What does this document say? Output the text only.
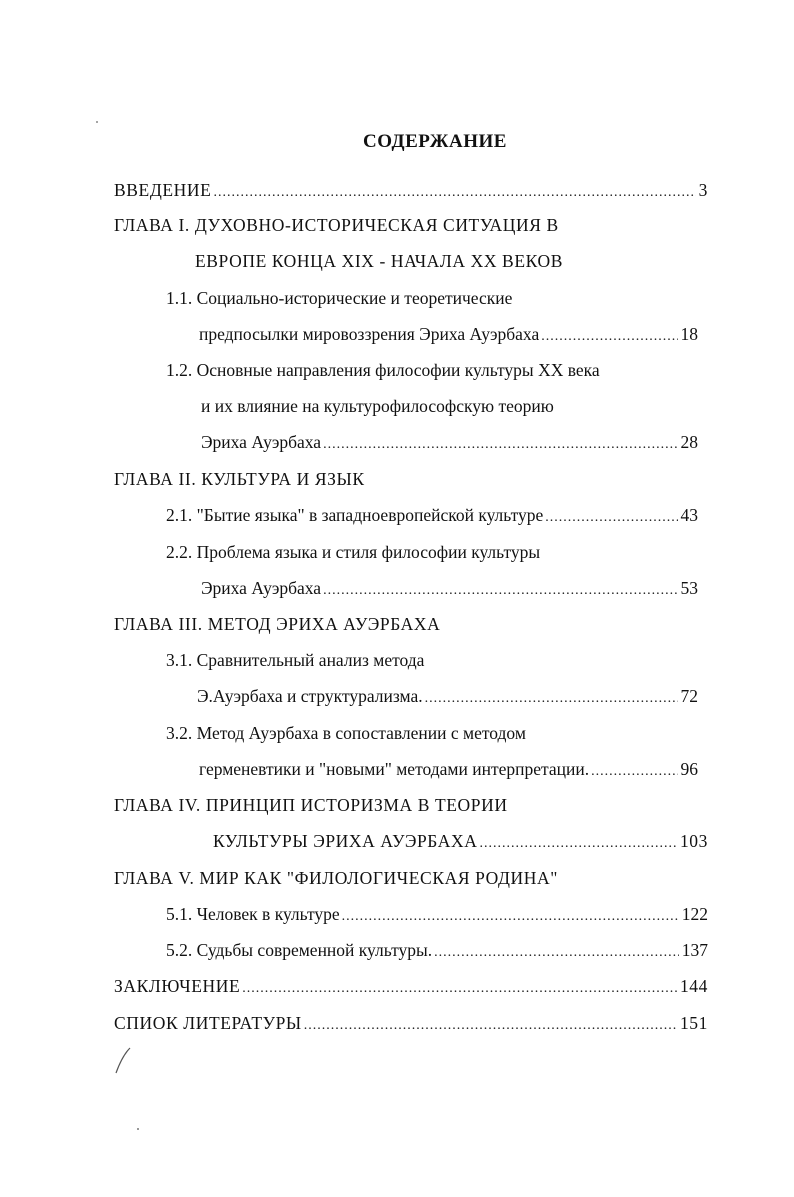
СОДЕРЖАНИЕ
ВВЕДЕНИЕ .....	3
ГЛАВА I. ДУХОВНО-ИСТОРИЧЕСКАЯ СИТУАЦИЯ В
ЕВРОПЕ КОНЦА XIX - НАЧАЛА XX ВЕКОВ
1.1. Социально-исторические и теоретические
предпосылки мировоззрения Эриха Ауэрбаха .....	18
1.2. Основные направления философии культуры XX века
и их влияние на культурофилософскую теорию
Эриха Ауэрбаха .....	28
ГЛАВА II. КУЛЬТУРА И ЯЗЫК
2.1. "Бытие языка" в западноевропейской культуре .....	43
2.2. Проблема языка и стиля философии культуры
Эриха Ауэрбаха .....	53
ГЛАВА III. МЕТОД ЭРИХА АУЭРБАХА
3.1. Сравнительный анализ метода
Э.Ауэрбаха и структурализма. .....	72
3.2. Метод Ауэрбаха в сопоставлении с методом
герменевтики и "новыми" методами интерпретации. .....	96
ГЛАВА IV. ПРИНЦИП ИСТОРИЗМА В ТЕОРИИ
КУЛЬТУРЫ ЭРИХА АУЭРБАХА .....	103
ГЛАВА V. МИР КАК "ФИЛОЛОГИЧЕСКАЯ РОДИНА"
5.1. Человек в культуре .....	122
5.2. Судьбы современной культуры. .....	137
ЗАКЛЮЧЕНИЕ .....	144
СПИОК ЛИТЕРАТУРЫ .....	151
